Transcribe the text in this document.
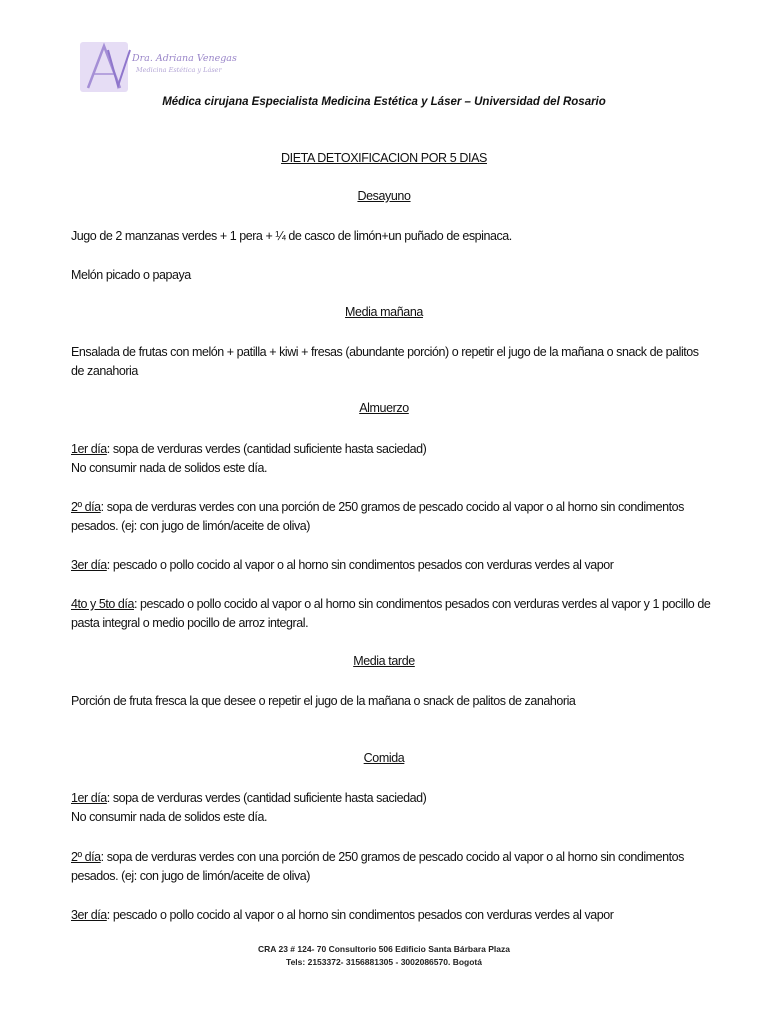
Dra. Adriana Venegas
Medicina Estética y Láser
Médica cirujana Especialista Medicina Estética y Láser – Universidad del Rosario
DIETA DETOXIFICACION POR 5 DIAS
Desayuno
Jugo de 2 manzanas verdes + 1 pera + ¼ de casco de limón+un puñado de espinaca.
Melón picado o papaya
Media mañana
Ensalada de frutas con melón + patilla + kiwi + fresas (abundante porción) o repetir el jugo de la mañana o snack de palitos de zanahoria
Almuerzo
1er día: sopa de verduras verdes (cantidad suficiente hasta saciedad)
No consumir nada de solidos este día.
2º día: sopa de verduras verdes con una porción de 250 gramos de pescado cocido al vapor o al horno sin condimentos pesados. (ej: con jugo de limón/aceite de oliva)
3er día: pescado o pollo cocido al vapor o al horno sin condimentos pesados con verduras verdes al vapor
4to y 5to día: pescado o pollo cocido al vapor o al horno sin condimentos pesados con verduras verdes al vapor y 1 pocillo de pasta integral o medio pocillo de arroz integral.
Media tarde
Porción de fruta fresca la que desee o repetir el jugo de la mañana o snack de palitos de zanahoria
Comida
1er día: sopa de verduras verdes (cantidad suficiente hasta saciedad)
No consumir nada de solidos este día.
2º día: sopa de verduras verdes con una porción de 250 gramos de pescado cocido al vapor o al horno sin condimentos pesados. (ej: con jugo de limón/aceite de oliva)
3er día: pescado o pollo cocido al vapor o al horno sin condimentos pesados con verduras verdes al vapor
CRA 23 # 124- 70 Consultorio 506 Edificio Santa Bárbara Plaza
Tels: 2153372- 3156881305 - 3002086570. Bogotá
